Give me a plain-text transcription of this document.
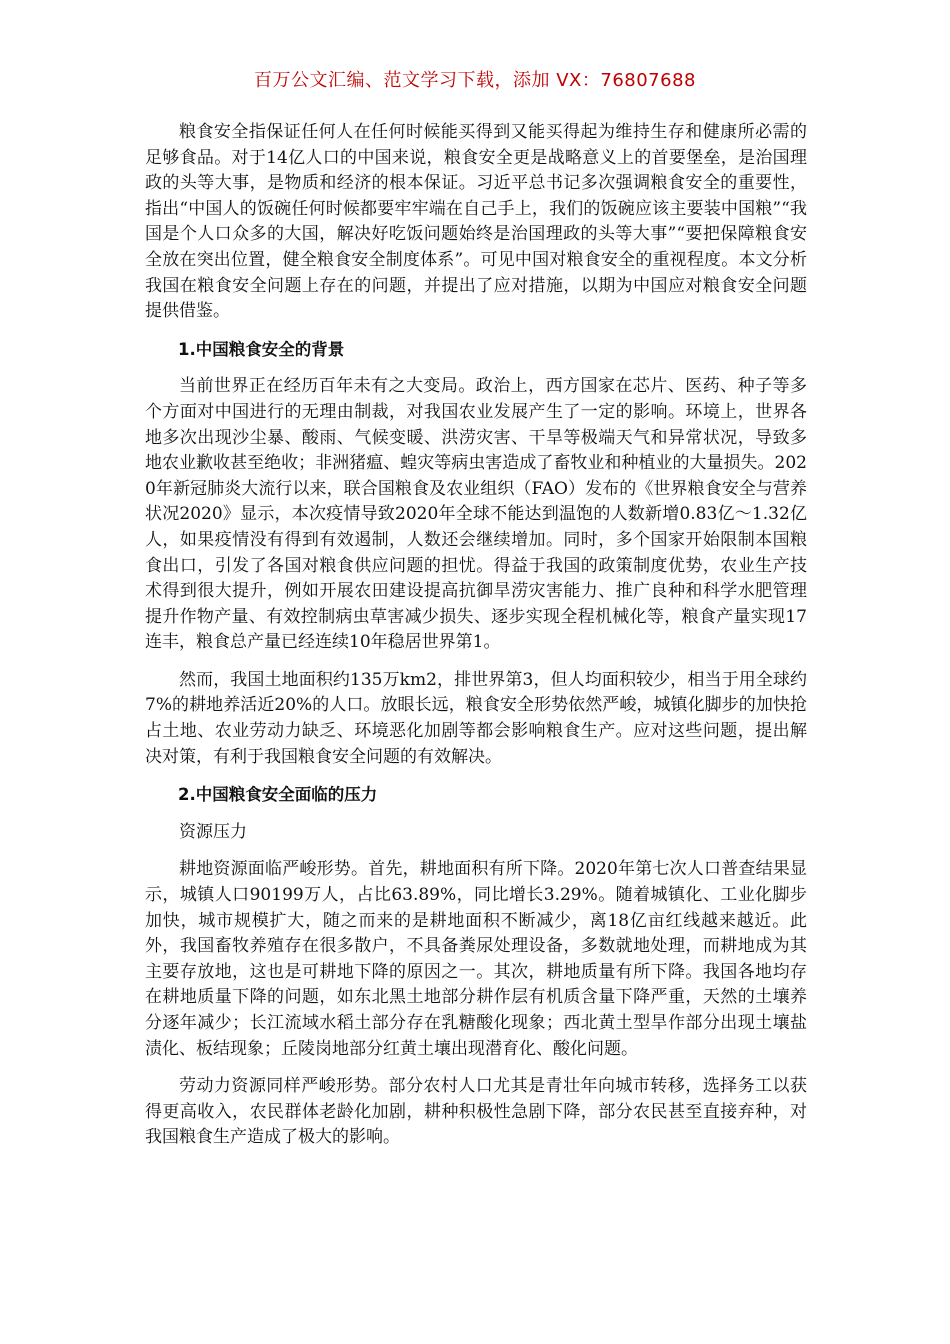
百万公文汇编、范文学习下载，添加 VX：76807688

粮食安全指保证任何人在任何时候能买得到又能买得起为维持生存和健康所必需的足够食品。对于14亿人口的中国来说，粮食安全更是战略意义上的首要堡垒，是治国理政的头等大事，是物质和经济的根本保证。习近平总书记多次强调粮食安全的重要性，指出“中国人的饭碗任何时候都要牢牢端在自己手上，我们的饭碗应该主要装中国粮”“我国是个人口众多的大国，解决好吃饭问题始终是治国理政的头等大事”“要把保障粮食安全放在突出位置，健全粮食安全制度体系”。可见中国对粮食安全的重视程度。本文分析我国在粮食安全问题上存在的问题，并提出了应对措施，以期为中国应对粮食安全问题提供借鉴。

1.中国粮食安全的背景

当前世界正在经历百年未有之大变局。政治上，西方国家在芯片、医药、种子等多个方面对中国进行的无理由制裁，对我国农业发展产生了一定的影响。环境上，世界各地多次出现沙尘暴、酸雨、气候变暖、洪涝灾害、干旱等极端天气和异常状况，导致多地农业歉收甚至绝收；非洲猪瘟、蝗灾等病虫害造成了畜牧业和种植业的大量损失。2020年新冠肺炎大流行以来，联合国粮食及农业组织（FAO）发布的《世界粮食安全与营养状况2020》显示，本次疫情导致2020年全球不能达到温饱的人数新增0.83亿～1.32亿人，如果疫情没有得到有效遏制，人数还会继续增加。同时，多个国家开始限制本国粮食出口，引发了各国对粮食供应问题的担忧。得益于我国的政策制度优势，农业生产技术得到很大提升，例如开展农田建设提高抗御旱涝灾害能力、推广良种和科学水肥管理提升作物产量、有效控制病虫草害减少损失、逐步实现全程机械化等，粮食产量实现17连丰，粮食总产量已经连续10年稳居世界第1。

然而，我国土地面积约135万km2，排世界第3，但人均面积较少，相当于用全球约7%的耕地养活近20%的人口。放眼长远，粮食安全形势依然严峻，城镇化脚步的加快抢占土地、农业劳动力缺乏、环境恶化加剧等都会影响粮食生产。应对这些问题，提出解决对策，有利于我国粮食安全问题的有效解决。

2.中国粮食安全面临的压力

资源压力

耕地资源面临严峻形势。首先，耕地面积有所下降。2020年第七次人口普查结果显示，城镇人口90199万人，占比63.89%，同比增长3.29%。随着城镇化、工业化脚步加快，城市规模扩大，随之而来的是耕地面积不断减少，离18亿亩红线越来越近。此外，我国畜牧养殖存在很多散户，不具备粪尿处理设备，多数就地处理，而耕地成为其主要存放地，这也是可耕地下降的原因之一。其次，耕地质量有所下降。我国各地均存在耕地质量下降的问题，如东北黑土地部分耕作层有机质含量下降严重，天然的土壤养分逐年减少；长江流域水稻土部分存在乳糖酸化现象；西北黄土型旱作部分出现土壤盐渍化、板结现象；丘陵岗地部分红黄土壤出现潜育化、酸化问题。

劳动力资源同样严峻形势。部分农村人口尤其是青壮年向城市转移，选择务工以获得更高收入，农民群体老龄化加剧，耕种积极性急剧下降，部分农民甚至直接弃种，对我国粮食生产造成了极大的影响。
